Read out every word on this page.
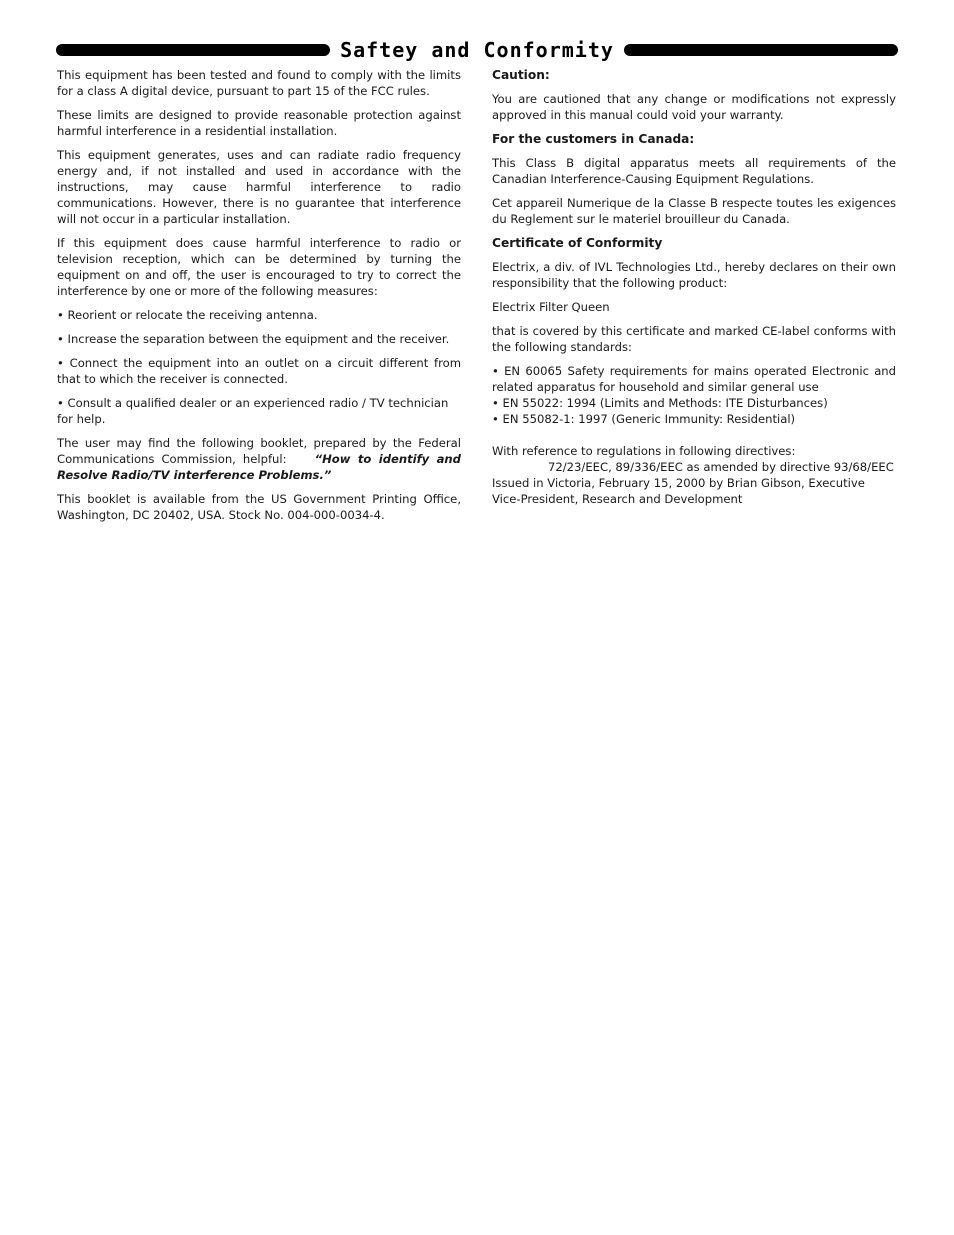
Saftey and Conformity

This equipment has been tested and found to comply with the limits for a class A digital device, pursuant to part 15 of the FCC rules.

These limits are designed to provide reasonable protection against harmful interference in a residential installation.

This equipment generates, uses and can radiate radio frequency energy and, if not installed and used in accordance with the instructions, may cause harmful interference to radio communications. However, there is no guarantee that interference will not occur in a particular installation.

If this equipment does cause harmful interference to radio or television reception, which can be determined by turning the equipment on and off, the user is encouraged to try to correct the interference by one or more of the following measures:

• Reorient or relocate the receiving antenna.

• Increase the separation between the equipment and the receiver.

• Connect the equipment into an outlet on a circuit different from that to which the receiver is connected.

• Consult a qualified dealer or an experienced radio / TV technician for help.

The user may find the following booklet, prepared by the Federal Communications Commission, helpful: “How to identify and Resolve Radio/TV interference Problems.”

This booklet is available from the US Government Printing Office, Washington, DC 20402, USA. Stock No. 004-000-0034-4.

Caution:

You are cautioned that any change or modifications not expressly approved in this manual could void your warranty.

For the customers in Canada:

This Class B digital apparatus meets all requirements of the Canadian Interference-Causing Equipment Regulations.

Cet appareil Numerique de la Classe B respecte toutes les exigences du Reglement sur le materiel brouilleur du Canada.

Certificate of Conformity

Electrix, a div. of IVL Technologies Ltd., hereby declares on their own responsibility that the following product:

Electrix Filter Queen

that is covered by this certificate and marked CE-label conforms with the following standards:

• EN 60065 Safety requirements for mains operated Electronic and related apparatus for household and similar general use
• EN 55022: 1994 (Limits and Methods: ITE Disturbances)
• EN 55082-1: 1997 (Generic Immunity: Residential)
With reference to regulations in following directives:
72/23/EEC, 89/336/EEC as amended by directive 93/68/EEC
Issued in Victoria, February 15, 2000 by Brian Gibson, Executive Vice-President, Research and Development
